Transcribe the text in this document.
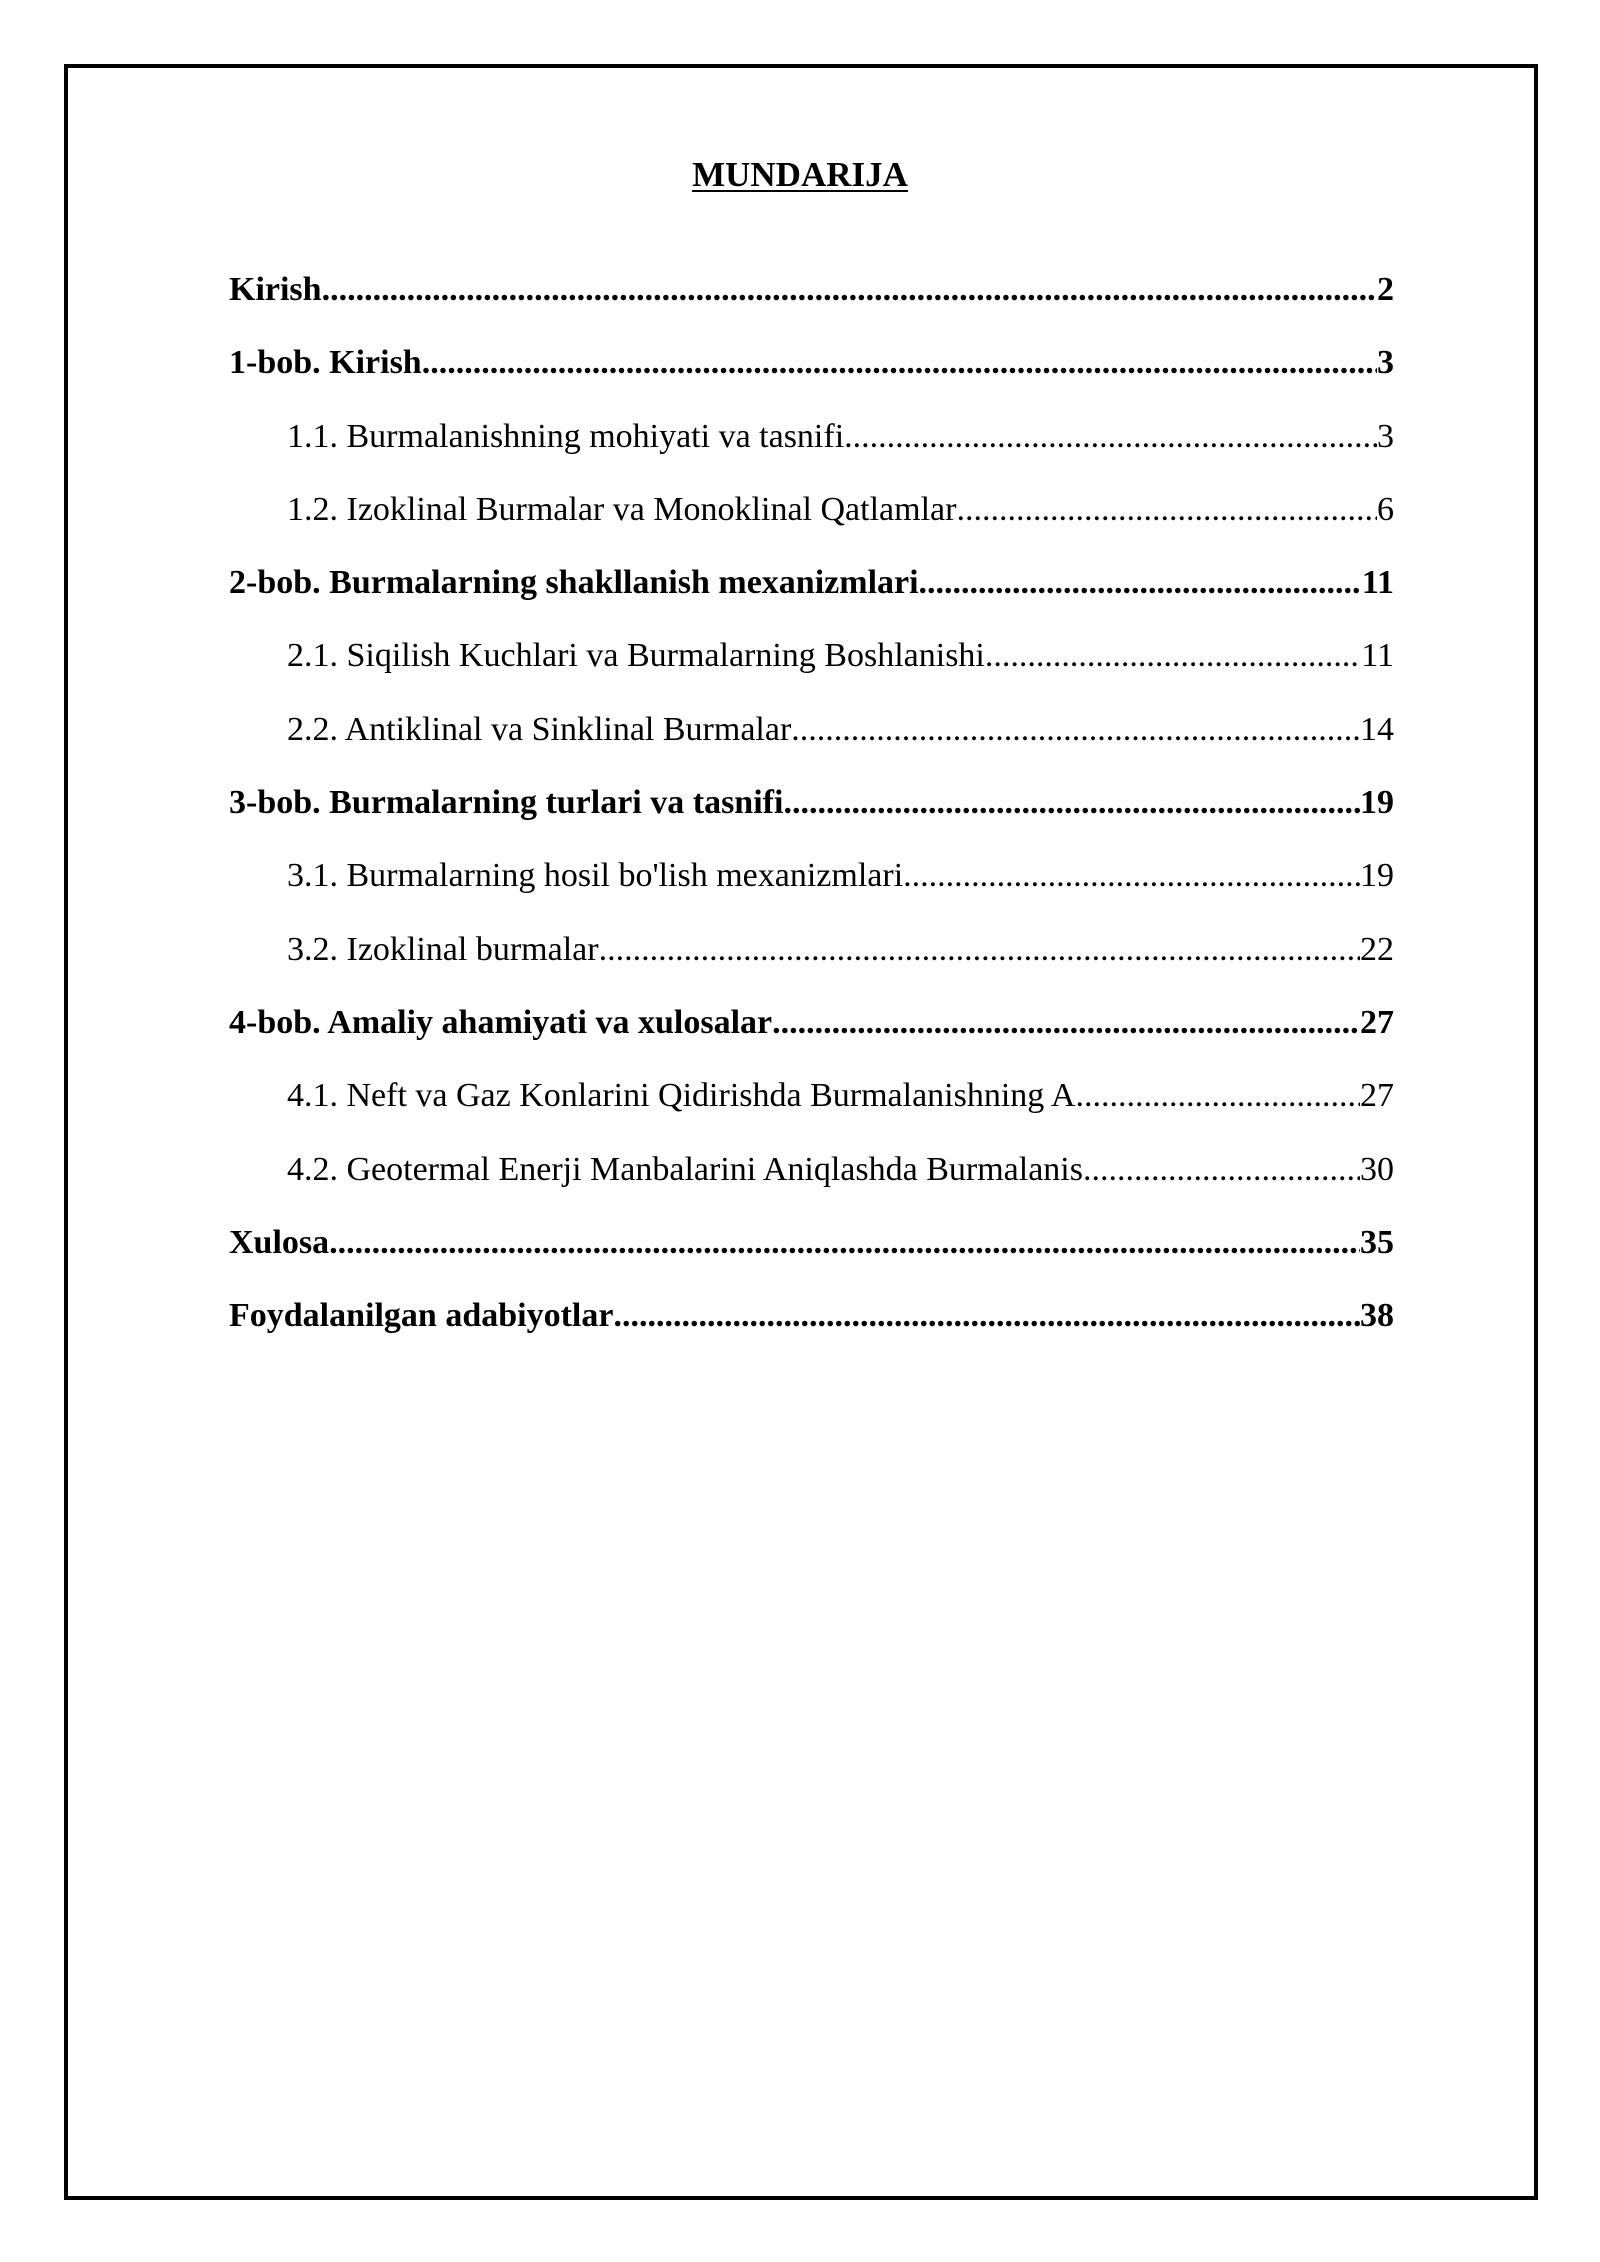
MUNDARIJA
Kirish .....	2
1-bob. Kirish .....	3
1.1. Burmalanishning mohiyati va tasnifi .....	3
1.2. Izoklinal Burmalar va Monoklinal Qatlamlar .....	6
2-bob. Burmalarning shakllanish mexanizmlari .....	11
2.1. Siqilish Kuchlari va Burmalarning Boshlanishi .....	11
2.2. Antiklinal va Sinklinal Burmalar .....	14
3-bob. Burmalarning turlari va tasnifi .....	19
3.1. Burmalarning hosil bo'lish mexanizmlari .....	19
3.2. Izoklinal burmalar .....	22
4-bob. Amaliy ahamiyati va xulosalar .....	27
4.1. Neft va Gaz Konlarini Qidirishda Burmalanishning A .....	27
4.2. Geotermal Enerji Manbalarini Aniqlashda Burmalanis .....	30
Xulosa .....	35
Foydalanilgan adabiyotlar .....	38
